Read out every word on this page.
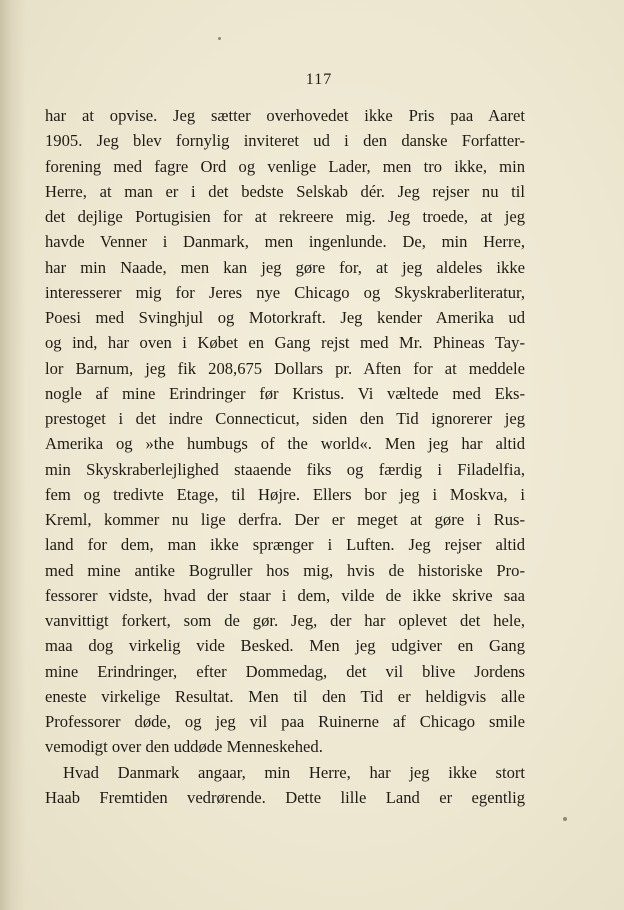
117
har at opvise. Jeg sætter overhovedet ikke Pris paa Aaret
1905. Jeg blev fornylig inviteret ud i den danske Forfatter-
forening med fagre Ord og venlige Lader, men tro ikke, min
Herre, at man er i det bedste Selskab dér. Jeg rejser nu til
det dejlige Portugisien for at rekreere mig. Jeg troede, at jeg
havde Venner i Danmark, men ingenlunde. De, min Herre,
har min Naade, men kan jeg gøre for, at jeg aldeles ikke
interesserer mig for Jeres nye Chicago og Skyskraberliteratur,
Poesi med Svinghjul og Motorkraft. Jeg kender Amerika ud
og ind, har oven i Købet en Gang rejst med Mr. Phineas Tay-
lor Barnum, jeg fik 208,675 Dollars pr. Aften for at meddele
nogle af mine Erindringer før Kristus. Vi væltede med Eks-
prestoget i det indre Connecticut, siden den Tid ignorerer jeg
Amerika og »the humbugs of the world«. Men jeg har altid
min Skyskraberlejlighed staaende fiks og færdig i Filadelfia,
fem og tredivte Etage, til Højre. Ellers bor jeg i Moskva, i
Kreml, kommer nu lige derfra. Der er meget at gøre i Rus-
land for dem, man ikke sprænger i Luften. Jeg rejser altid
med mine antike Bogruller hos mig, hvis de historiske Pro-
fessorer vidste, hvad der staar i dem, vilde de ikke skrive saa
vanvittigt forkert, som de gør. Jeg, der har oplevet det hele,
maa dog virkelig vide Besked. Men jeg udgiver en Gang
mine Erindringer, efter Dommedag, det vil blive Jordens
eneste virkelige Resultat. Men til den Tid er heldigvis alle
Professorer døde, og jeg vil paa Ruinerne af Chicago smile
vemodigt over den uddøde Menneskehed.
Hvad Danmark angaar, min Herre, har jeg ikke stort
Haab Fremtiden vedrørende. Dette lille Land er egentlig
